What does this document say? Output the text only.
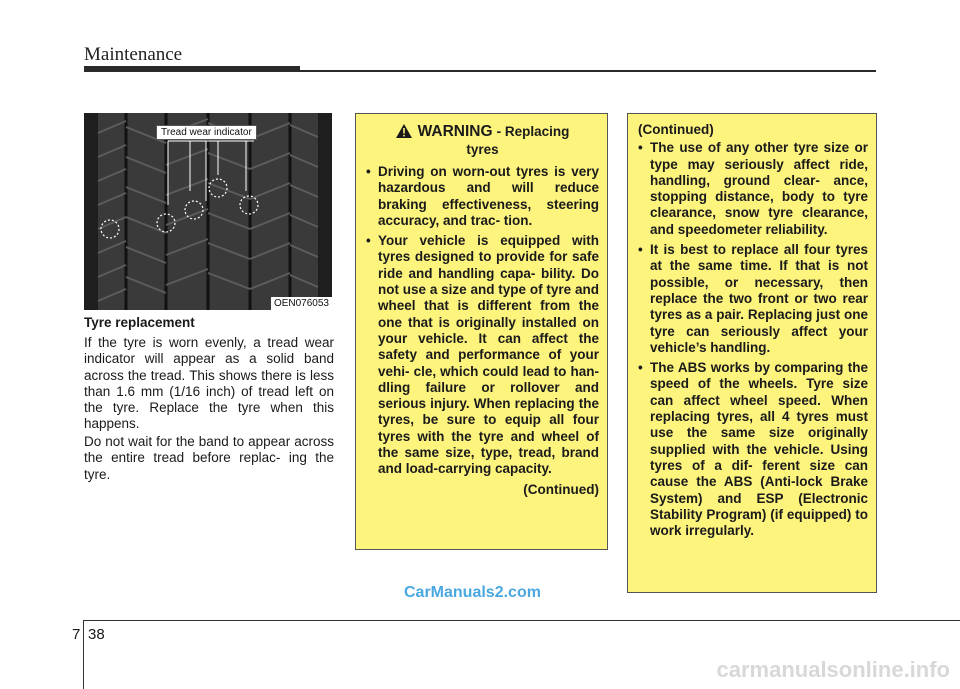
Maintenance
Tread wear indicator
OEN076053
Tyre replacement

If the tyre is worn evenly, a tread wear indicator will appear as a solid band across the tread. This shows there is less than 1.6 mm (1/16 inch) of tread left on the tyre. Replace the tyre when this happens.

Do not wait for the band to appear across the entire tread before replac- ing the tyre.

WARNING - Replacing
tyres
• Driving on worn-out tyres is very hazardous and will reduce braking effectiveness, steering accuracy, and trac- tion.
• Your vehicle is equipped with tyres designed to provide for safe ride and handling capa- bility. Do not use a size and type of tyre and wheel that is different from the one that is originally installed on your vehicle. It can affect the safety and performance of your vehi- cle, which could lead to han- dling failure or rollover and serious injury. When replacing the tyres, be sure to equip all four tyres with the tyre and wheel of the same size, type, tread, brand and load-carrying capacity.
(Continued)
(Continued)
• The use of any other tyre size or type may seriously affect ride, handling, ground clear- ance, stopping distance, body to tyre clearance, snow tyre clearance, and speedometer reliability.
• It is best to replace all four tyres at the same time. If that is not possible, or necessary, then replace the two front or two rear tyres as a pair. Replacing just one tyre can seriously affect your vehicle’s handling.
• The ABS works by comparing the speed of the wheels. Tyre size can affect wheel speed. When replacing tyres, all 4 tyres must use the same size originally supplied with the vehicle. Using tyres of a dif- ferent size can cause the ABS (Anti-lock Brake System) and ESP (Electronic Stability Program) (if equipped) to work irregularly.
CarManuals2.com
7 38
carmanualsonline.info
